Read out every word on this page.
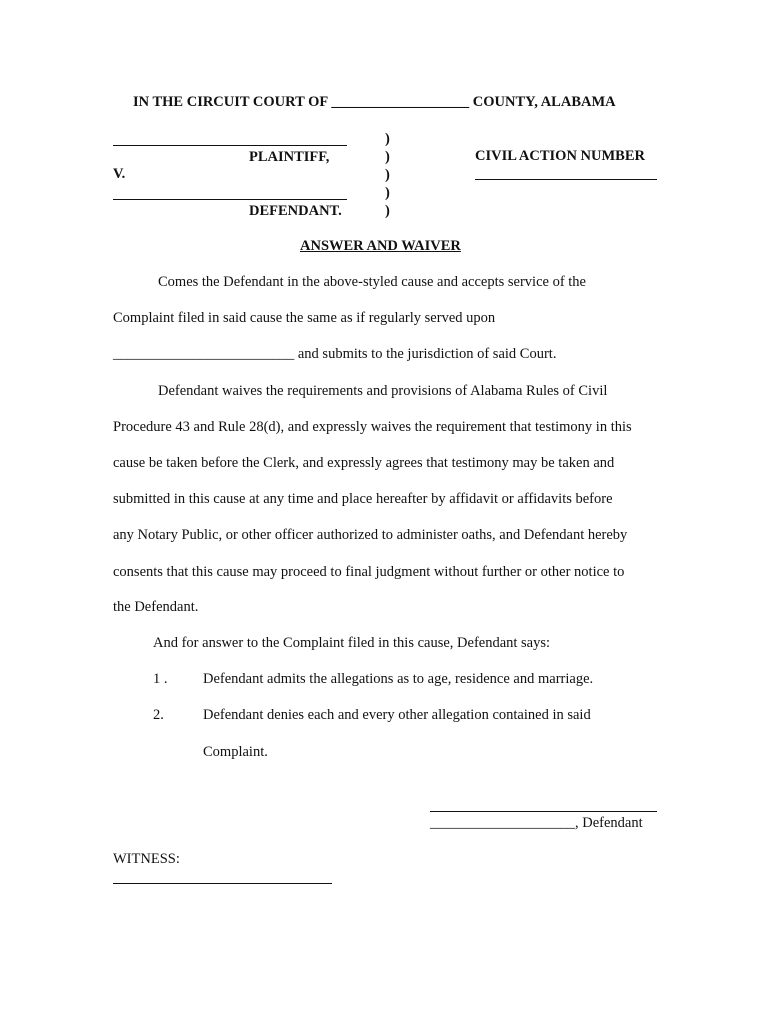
IN THE CIRCUIT COURT OF ___________________ COUNTY, ALABAMA
PLAINTIFF,
V.
DEFENDANT.
)
)
)
)
)
CIVIL ACTION NUMBER
ANSWER AND WAIVER
Comes the Defendant in the above-styled cause and accepts service of the
Complaint filed in said cause the same as if regularly served upon
_________________________ and submits to the jurisdiction of said Court.
Defendant waives the requirements and provisions of Alabama Rules of Civil
Procedure 43 and Rule 28(d), and expressly waives the requirement that testimony in this
cause be taken before the Clerk, and expressly agrees that testimony may be taken and
submitted in this cause at any time and place hereafter by affidavit or affidavits before
any Notary Public, or other officer authorized to administer oaths, and Defendant hereby
consents that this cause may proceed to final judgment without further or other notice to
the Defendant.
And for answer to the Complaint filed in this cause, Defendant says:
1 . Defendant admits the allegations as to age, residence and marriage.
2.	Defendant denies each and every other allegation contained in said
Complaint.
____________________, Defendant
WITNESS:
